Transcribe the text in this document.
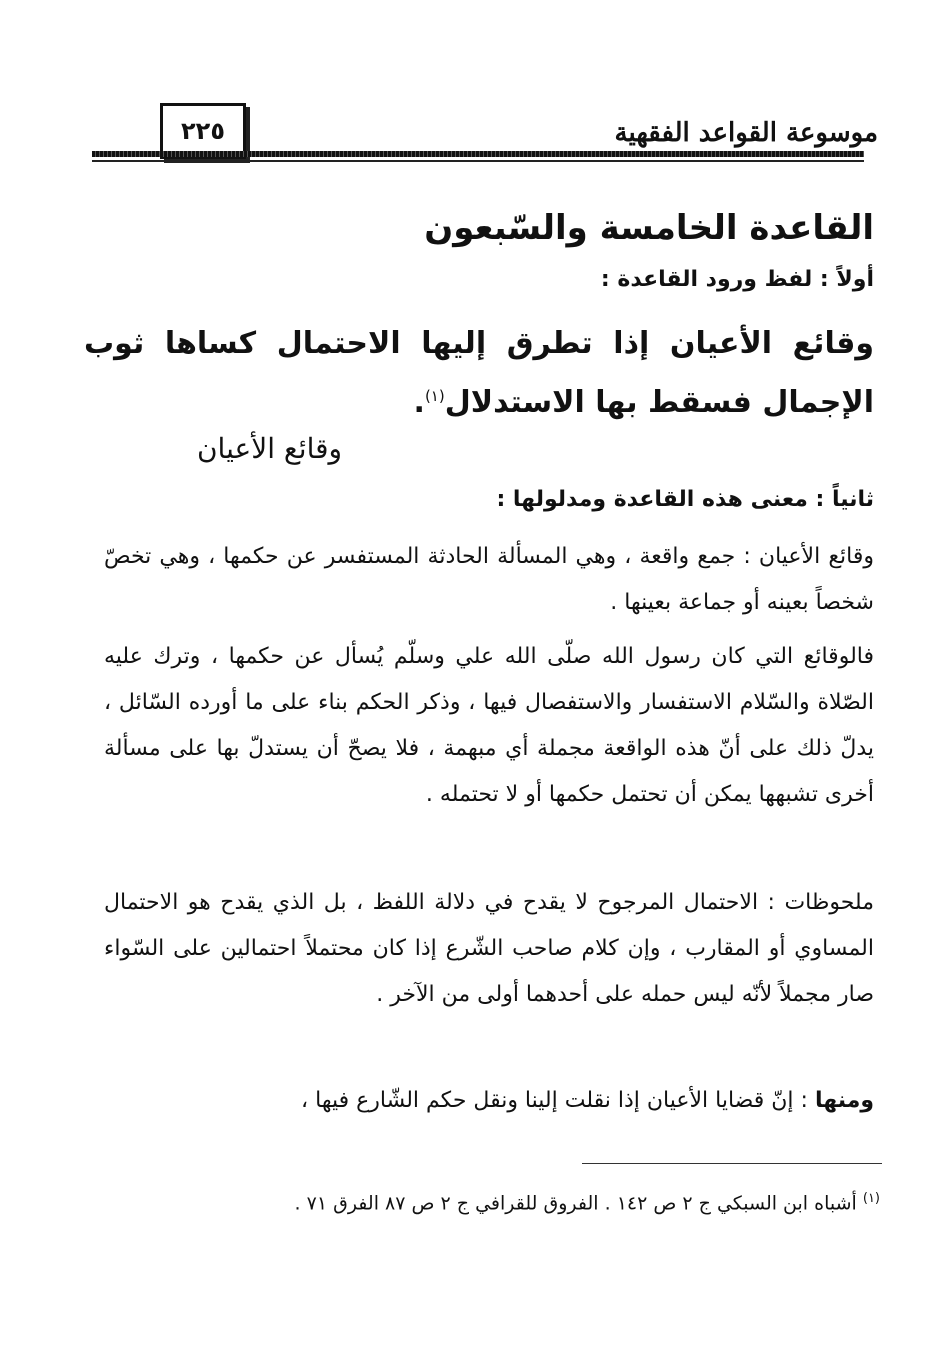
موسوعة القواعد الفقهية
٢٢٥
القاعدة الخامسة والسّبعون
أولاً : لفظ ورود القاعدة :
وقائع الأعيان إذا تطرق إليها الاحتمال كساها ثوب الإجمال فسقط بها الاستدلال$^{(١)}$.
وقائع الأعيان
ثانياً : معنى هذه القاعدة ومدلولها :
وقائع الأعيان : جمع واقعة ، وهي المسألة الحادثة المستفسر عن حكمها ، وهي تخصّ شخصاً بعينه أو جماعة بعينها .
فالوقائع التي كان رسول الله صلّى الله علي وسلّم يُسأل عن حكمها ، وترك عليه الصّلاة والسّلام الاستفسار والاستفصال فيها ، وذكر الحكم بناء على ما أورده السّائل ، يدلّ ذلك على أنّ هذه الواقعة مجملة أي مبهمة ، فلا يصحّ أن يستدلّ بها على مسألة أخرى تشبهها يمكن أن تحتمل حكمها أو لا تحتمله .
ملحوظات : الاحتمال المرجوح لا يقدح في دلالة اللفظ ، بل الذي يقدح هو الاحتمال المساوي أو المقارب ، وإن كلام صاحب الشّرع إذا كان محتملاً احتمالين على السّواء صار مجملاً لأنّه ليس حمله على أحدهما أولى من الآخر .
ومنها : إنّ قضايا الأعيان إذا نقلت إلينا ونقل حكم الشّارع فيها ،
$^{(١)}$ أشباه ابن السبكي ج ٢ ص ١٤٢ . الفروق للقرافي ج ٢ ص ٨٧ الفرق ٧١ .
